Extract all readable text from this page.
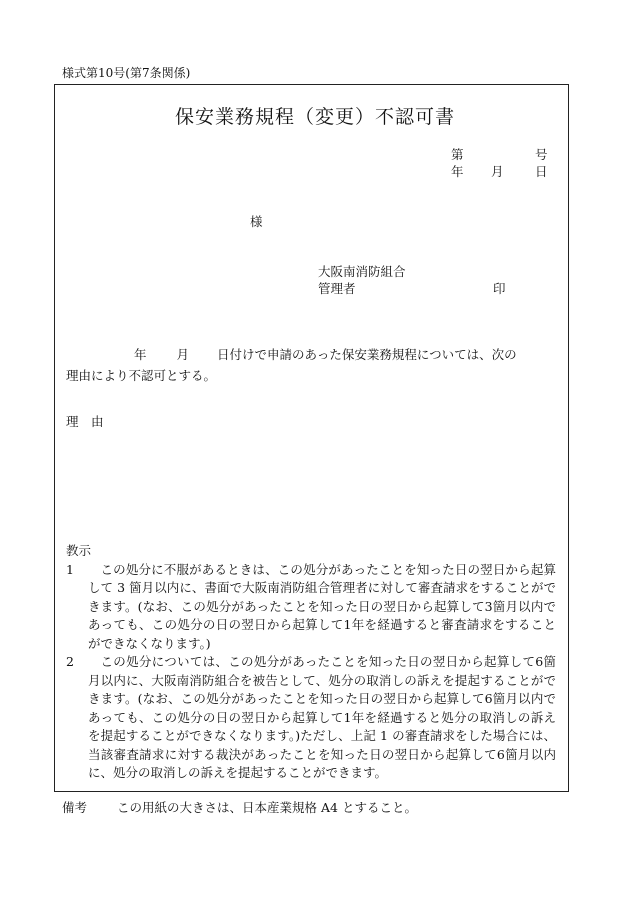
様式第10号(第7条関係)
保安業務規程（変更）不認可書
第	号
年 月	日
様
大阪南消防組合
管理者	印
年 月 日付けで申請のあった保安業務規程については、次の
理由により不認可とする。
理　由
教示
1	この処分に不服があるときは、この処分があったことを知った日の翌日から起算して 3 箇月以内に、書面で大阪南消防組合管理者に対して審査請求をすることができます。(なお、この処分があったことを知った日の翌日から起算して3箇月以内であっても、この処分の日の翌日から起算して1年を経過すると審査請求をすることができなくなります。)
2	この処分については、この処分があったことを知った日の翌日から起算して6箇月以内に、大阪南消防組合を被告として、処分の取消しの訴えを提起することができます。(なお、この処分があったことを知った日の翌日から起算して6箇月以内であっても、この処分の日の翌日から起算して1年を経過すると処分の取消しの訴えを提起することができなくなります。)ただし、上記 1 の審査請求をした場合には、当該審査請求に対する裁決があったことを知った日の翌日から起算して6箇月以内に、処分の取消しの訴えを提起することができます。
備考 この用紙の大きさは、日本産業規格 A4 とすること。
